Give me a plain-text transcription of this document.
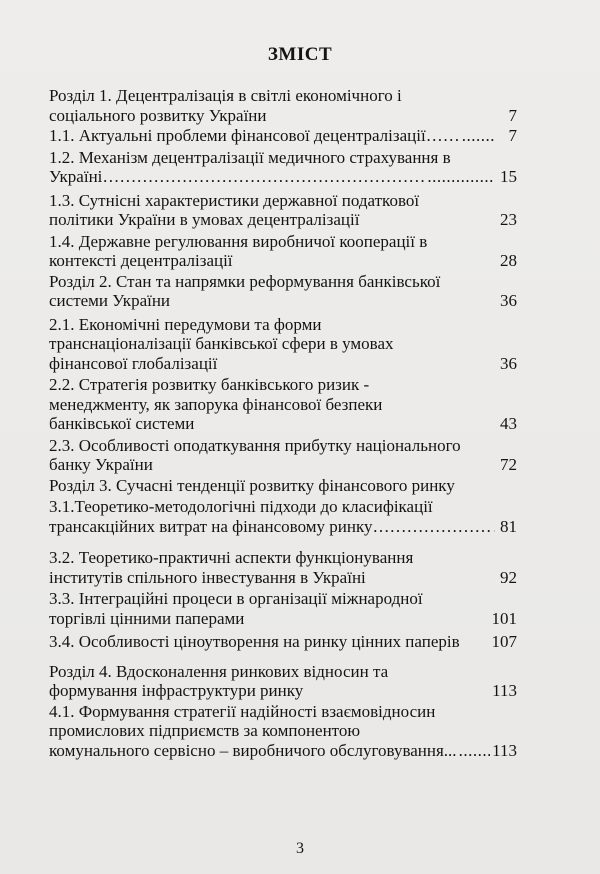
ЗМІСТ
Розділ 1. Децентралізація в світлі економічного і
соціального розвитку України	7
1.1. Актуальні проблеми фінансової децентралізації…… .....	7
1.2. Механізм децентралізації медичного страхування в
Україні………………………………………………… .....	15
1.3. Сутнісні характеристики державної податкової
політики України в умовах децентралізації	23
1.4. Державне регулювання виробничої кооперації в
контексті децентралізації	28
Розділ 2. Стан та напрямки реформування банківської
системи України	36
2.1. Економічні передумови та форми
транснаціоналізації банківської сфери в умовах
фінансової глобалізації	36
2.2. Стратегія розвитку банківського ризик -
менеджменту, як запорука фінансової безпеки
банківської системи	43
2.3. Особливості оподаткування прибутку національного
банку України	72
Розділ 3. Сучасні тенденції розвитку фінансового ринку
3.1.Теоретико-методологічні підходи до класифікації
трансакційних витрат на фінансовому ринку………………… ..... 81
3.2. Теоретико-практичні аспекти функціонування
інститутів спільного інвестування в Україні	92
3.3. Інтеграційні процеси в організації міжнародної
торгівлі цінними паперами	101
3.4. Особливості ціноутворення на ринку цінних паперів 107
Розділ 4. Вдосконалення ринкових відносин та
формування інфраструктури ринку	113
4.1. Формування стратегії надійності взаємовідносин
промислових підприємств за компонентою
комунального сервісно – виробничого обслуговування... ..... 113
3
